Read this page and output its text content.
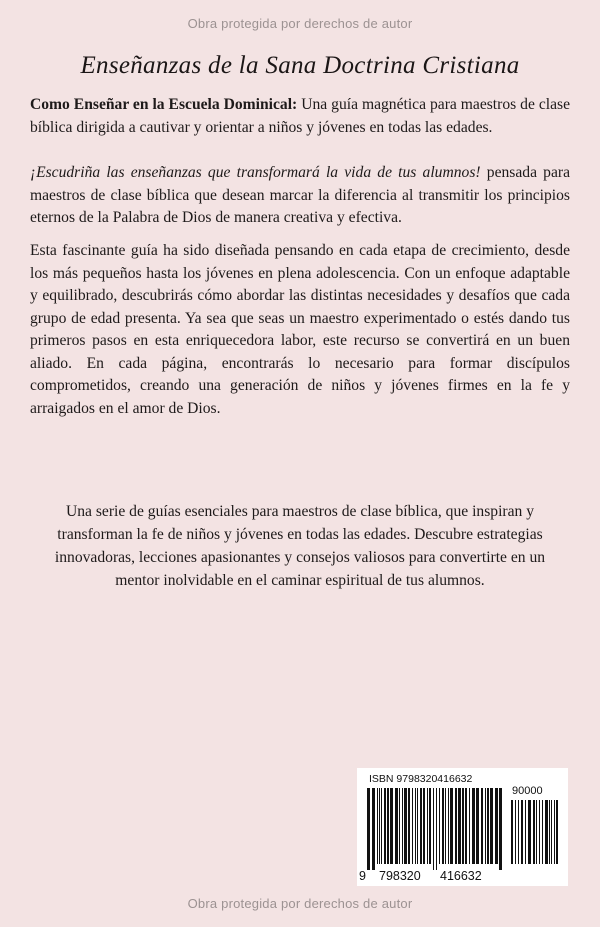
Obra protegida por derechos de autor
Enseñanzas de la Sana Doctrina Cristiana
Como Enseñar en la Escuela Dominical: Una guía magnética para maestros de clase bíblica dirigida a cautivar y orientar a niños y jóvenes en todas las edades.
¡Escudriña las enseñanzas que transformará la vida de tus alumnos! pensada para maestros de clase bíblica que desean marcar la diferencia al transmitir los principios eternos de la Palabra de Dios de manera creativa y efectiva.
Esta fascinante guía ha sido diseñada pensando en cada etapa de crecimiento, desde los más pequeños hasta los jóvenes en plena adolescencia. Con un enfoque adaptable y equilibrado, descubrirás cómo abordar las distintas necesidades y desafíos que cada grupo de edad presenta. Ya sea que seas un maestro experimentado o estés dando tus primeros pasos en esta enriquecedora labor, este recurso se convertirá en un buen aliado. En cada página, encontrarás lo necesario para formar discípulos comprometidos, creando una generación de niños y jóvenes firmes en la fe y arraigados en el amor de Dios.
Una serie de guías esenciales para maestros de clase bíblica, que inspiran y transforman la fe de niños y jóvenes en todas las edades. Descubre estrategias innovadoras, lecciones apasionantes y consejos valiosos para convertirte en un mentor inolvidable en el caminar espiritual de tus alumnos.
ISBN 9798320416632
90000
9 798320 416632
Obra protegida por derechos de autor
